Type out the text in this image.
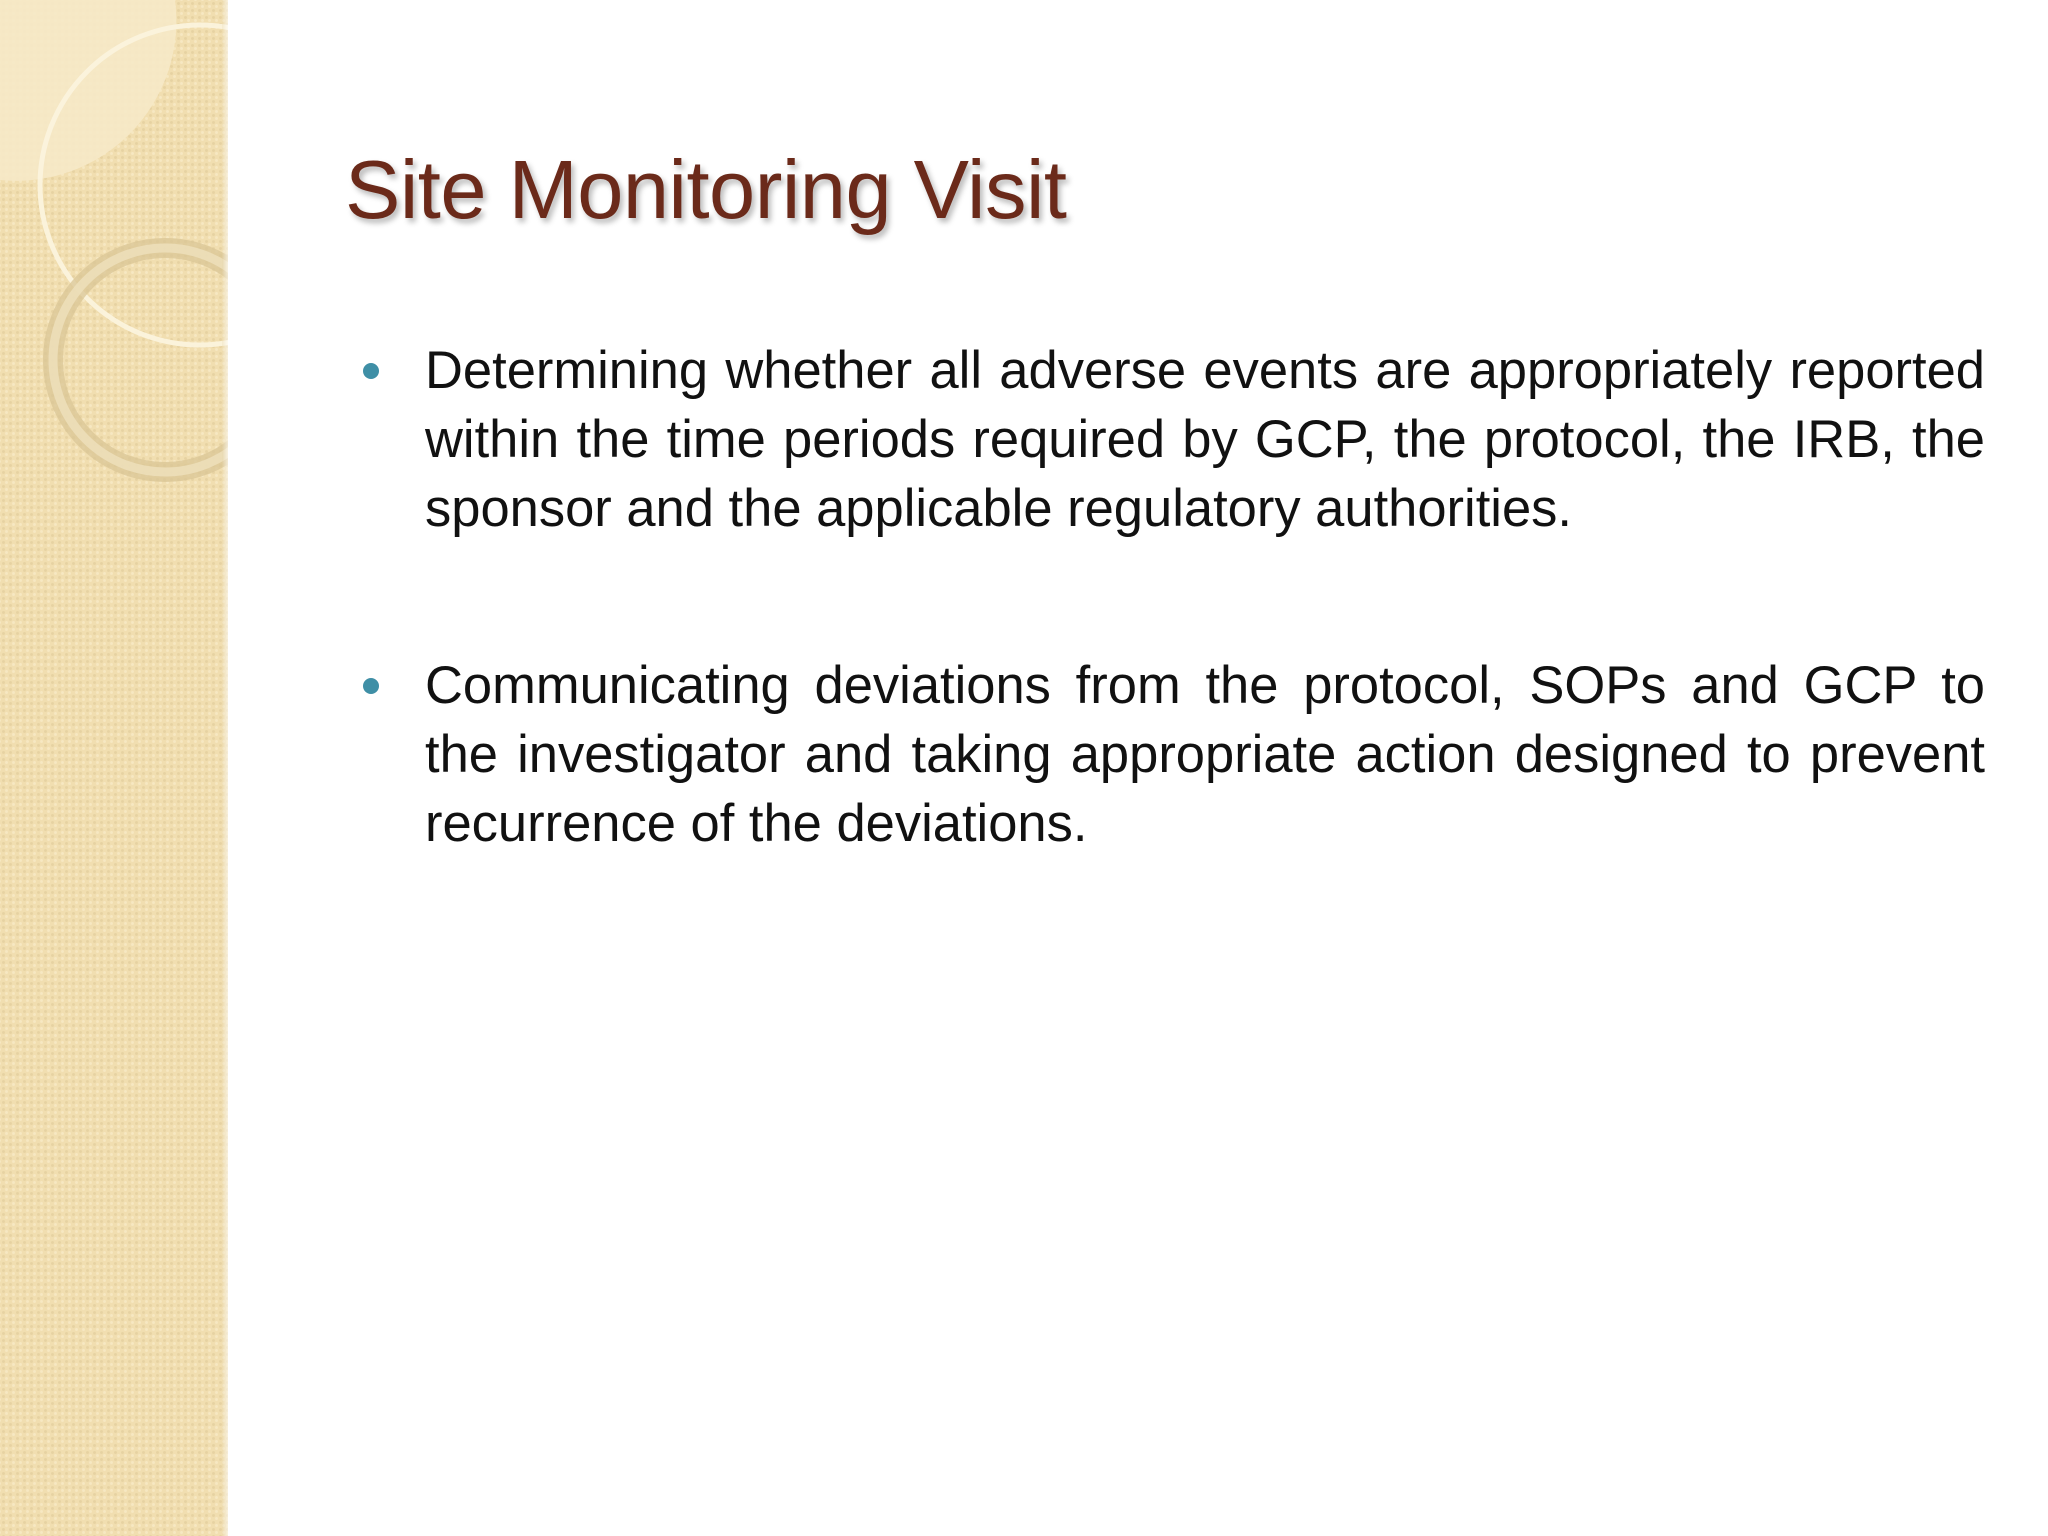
Site Monitoring Visit
Determining whether all adverse events are appropriately reported within the time periods required by GCP, the protocol, the IRB, the sponsor and the applicable regulatory authorities.
Communicating deviations from the protocol, SOPs and GCP to the investigator and taking appropriate action designed to prevent recurrence of the deviations.
